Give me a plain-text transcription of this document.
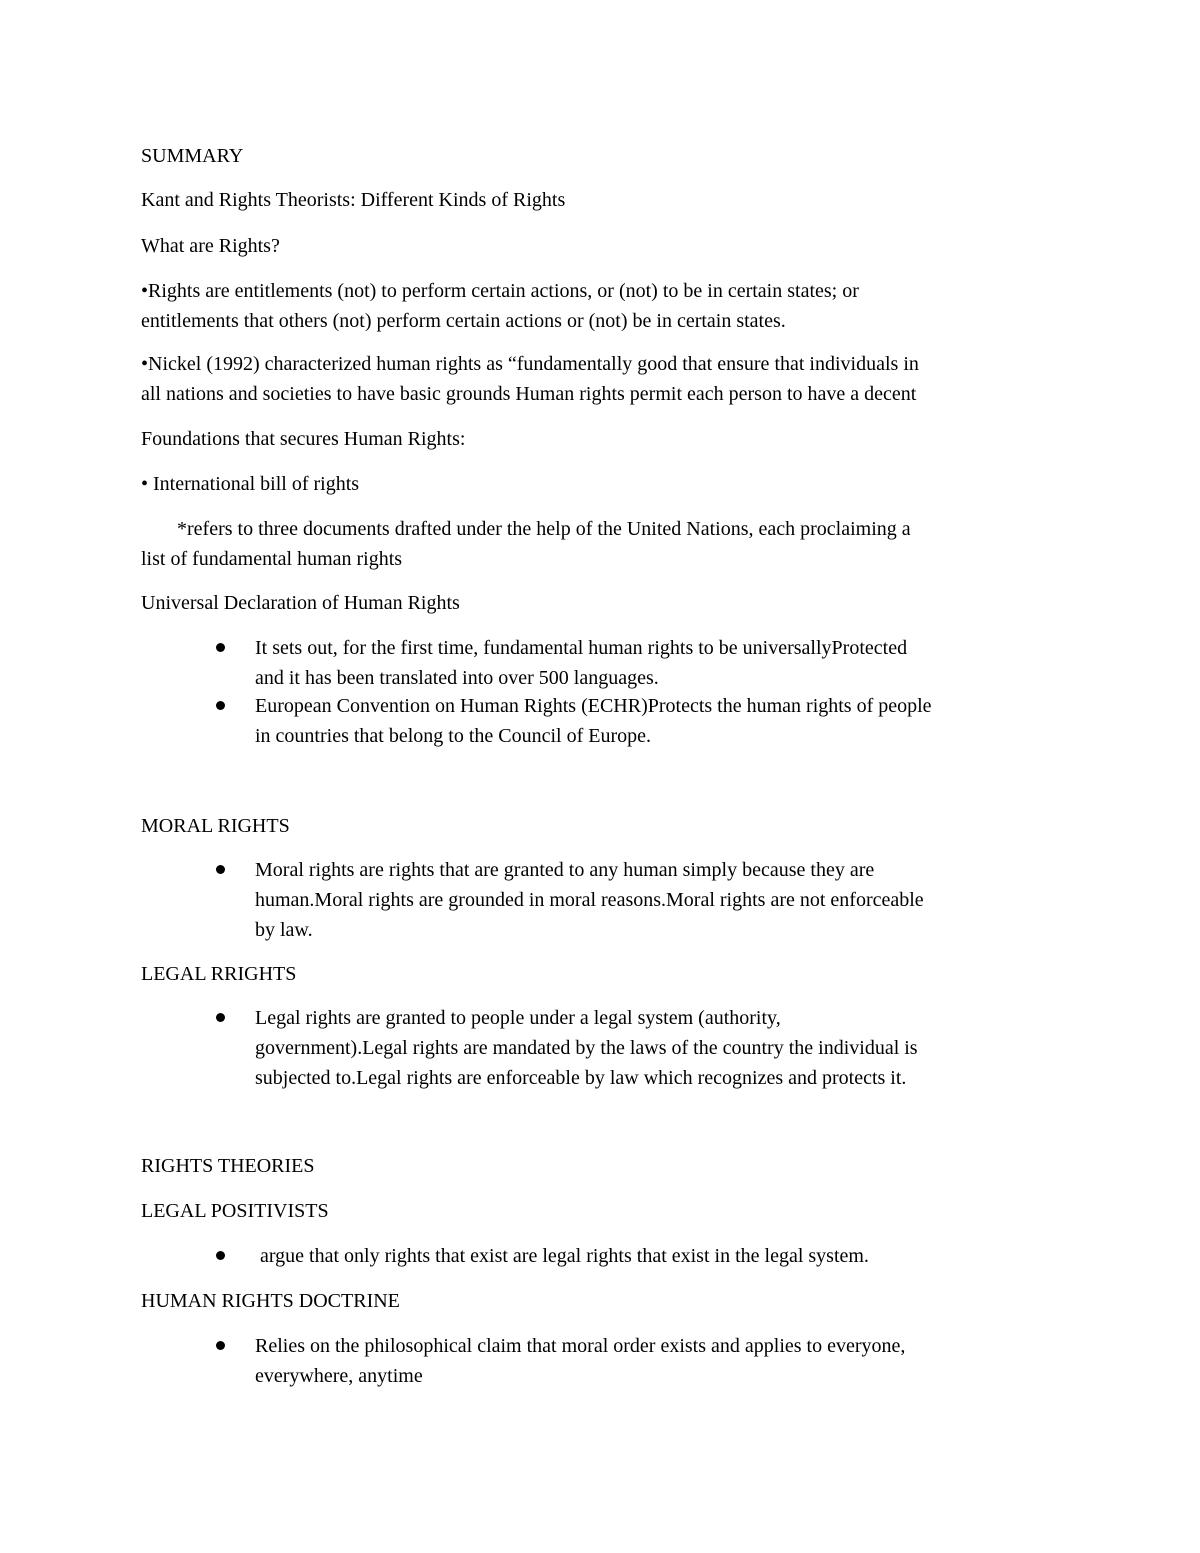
SUMMARY
Kant and Rights Theorists: Different Kinds of Rights
What are Rights?
•Rights are entitlements (not) to perform certain actions, or (not) to be in certain states; or
entitlements that others (not) perform certain actions or (not) be in certain states.
•Nickel (1992) characterized human rights as “fundamentally good that ensure that individuals in
all nations and societies to have basic grounds Human rights permit each person to have a decent
Foundations that secures Human Rights:
• International bill of rights
*refers to three documents drafted under the help of the United Nations, each proclaiming a
list of fundamental human rights
Universal Declaration of Human Rights
It sets out, for the first time, fundamental human rights to be universallyProtected
and it has been translated into over 500 languages.
European Convention on Human Rights (ECHR)Protects the human rights of people
in countries that belong to the Council of Europe.
MORAL RIGHTS
Moral rights are rights that are granted to any human simply because they are
human.Moral rights are grounded in moral reasons.Moral rights are not enforceable
by law.
LEGAL RRIGHTS
Legal rights are granted to people under a legal system (authority,
government).Legal rights are mandated by the laws of the country the individual is
subjected to.Legal rights are enforceable by law which recognizes and protects it.
RIGHTS THEORIES
LEGAL POSITIVISTS
argue that only rights that exist are legal rights that exist in the legal system.
HUMAN RIGHTS DOCTRINE
Relies on the philosophical claim that moral order exists and applies to everyone,
everywhere, anytime
